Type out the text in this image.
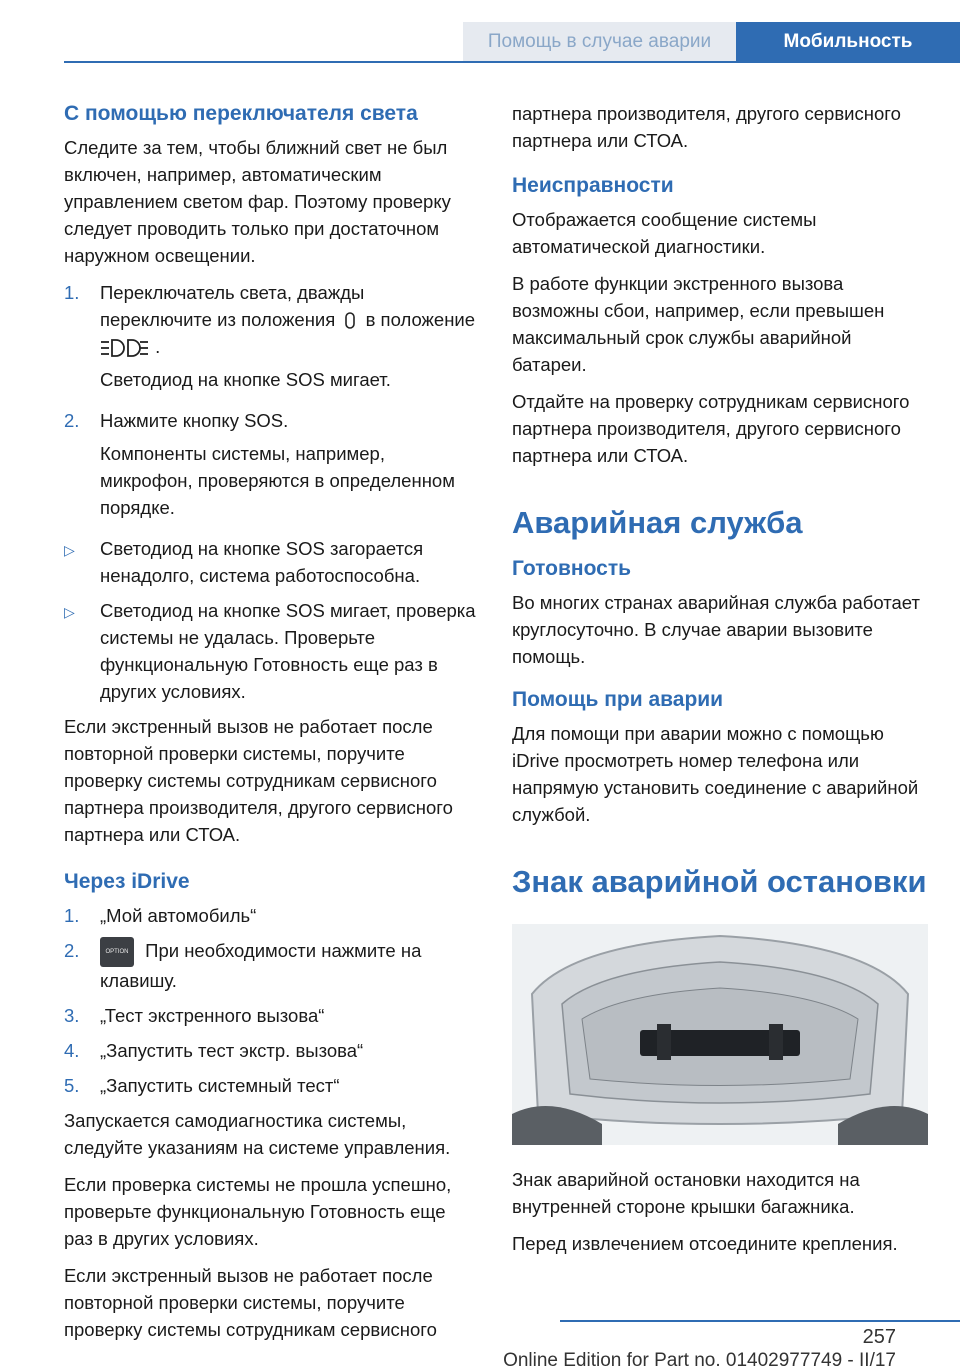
Помощь в случае аварии	Мобильность
С помощью переключателя света

Следите за тем, чтобы ближний свет не был включен, например, автоматическим управлением светом фар. Поэтому проверку следует проводить только при достаточном наружном освещении.

1.	Переключатель света, дважды переключите из положения в положение
.

Светодиод на кнопке SOS мигает.

2.	Нажмите кнопку SOS.

Компоненты системы, например, микрофон, проверяются в определенном порядке.

▷	Светодиод на кнопке SOS загорается ненадолго, система работоспособна.
▷	Светодиод на кнопке SOS мигает, проверка системы не удалась. Проверьте функциональную Готовность еще раз в других условиях.

Если экстренный вызов не работает после повторной проверки системы, поручите проверку системы сотрудникам сервисного партнера производителя, другого сервисного партнера или СТОА.

Через iDrive
1.	„Мой автомобиль“
2.	OPTION При необходимости нажмите на клавишу.
3.	„Тест экстренного вызова“
4.	„Запустить тест экстр. вызова“
5.	„Запустить системный тест“

Запускается самодиагностика системы, следуйте указаниям на системе управления.

Если проверка системы не прошла успешно, проверьте функциональную Готовность еще раз в других условиях.

Если экстренный вызов не работает после повторной проверки системы, поручите проверку системы сотрудникам сервисного

партнера производителя, другого сервисного партнера или СТОА.

Неисправности

Отображается сообщение системы автоматической диагностики.

В работе функции экстренного вызова возможны сбои, например, если превышен максимальный срок службы аварийной батареи.

Отдайте на проверку сотрудникам сервисного партнера производителя, другого сервисного партнера или СТОА.

Аварийная служба
Готовность

Во многих странах аварийная служба работает круглосуточно. В случае аварии вызовите помощь.

Помощь при аварии

Для помощи при аварии можно с помощью iDrive просмотреть номер телефона или напрямую установить соединение с аварийной службой.

Знак аварийной остановки

Знак аварийной остановки находится на внутренней стороне крышки багажника.

Перед извлечением отсоедините крепления.

257
Online Edition for Part no. 01402977749 - II/17
